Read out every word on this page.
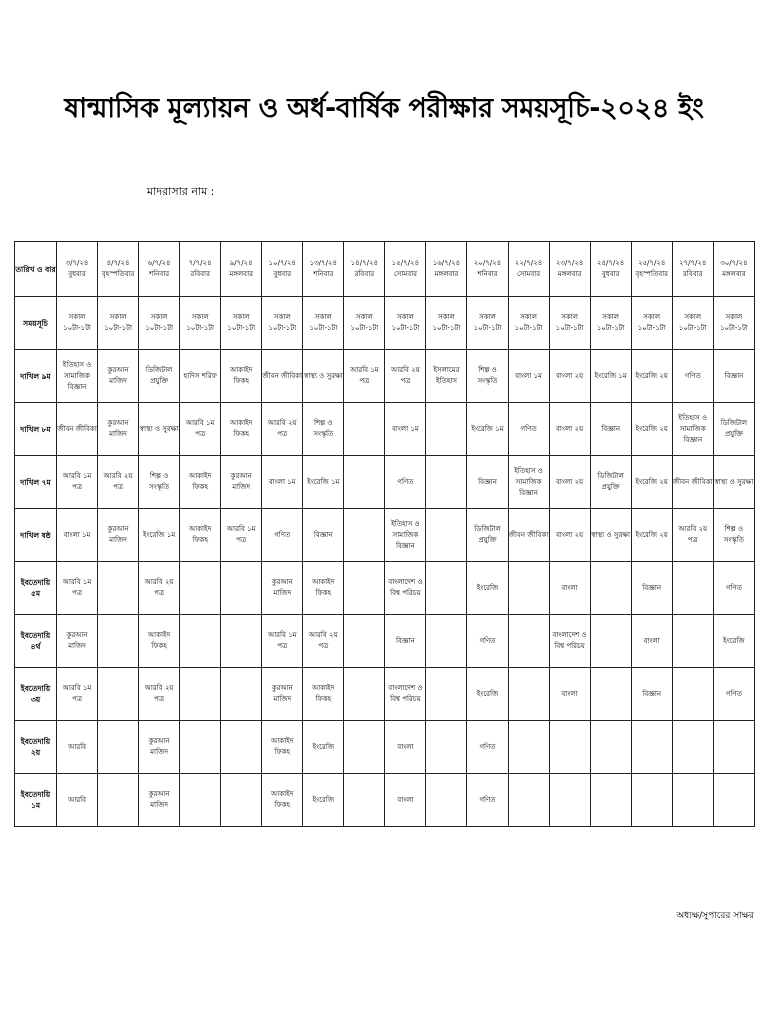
ষান্মাসিক মূল্যায়ন ও অর্ধ-বার্ষিক পরীক্ষার সময়সূচি-২০২৪ ইং
মাদরাসার নাম :
তারিখ ও বার	৩/৭/২৪ বুধবার	৪/৭/২৪ বৃহস্পতিবার	৬/৭/২৪ শনিবার	৭/৭/২৪ রবিবার	৯/৭/২৪ মঙ্গলবার	১০/৭/২৪ বুধবার	১৩/৭/২৪ শনিবার	১৪/৭/২৪ রবিবার	১৫/৭/২৪ সোমবার	১৬/৭/২৪ মঙ্গলবার	২০/৭/২৪ শনিবার	২২/৭/২৪ সোমবার	২৩/৭/২৪ মঙ্গলবার	২৪/৭/২৪ বুধবার	২৫/৭/২৪ বৃহস্পতিবার	২৭/৭/২৪ রবিবার	৩০/৭/২৪ মঙ্গলবার
সময়সূচি	সকাল ১০টা-১টা	সকাল ১০টা-১টা	সকাল ১০টা-১টা	সকাল ১০টা-১টা	সকাল ১০টা-১টা	সকাল ১০টা-১টা	সকাল ১০টা-১টা	সকাল ১০টা-১টা	সকাল ১০টা-১টা	সকাল ১০টা-১টা	সকাল ১০টা-১টা	সকাল ১০টা-১টা	সকাল ১০টা-১টা	সকাল ১০টা-১টা	সকাল ১০টা-১টা	সকাল ১০টা-১টা	সকাল ১০টা-১টা
দাখিল ৯ম	ইতিহাস ও সামাজিক বিজ্ঞান	কুরআন মাজিদ	ডিজিটাল প্রযুক্তি	হাদিস শরিফ	আকাইদ ফিকহ	জীবন জীবিকা	স্বাস্থ্য ও সুরক্ষা	আরবি ১ম পত্র	আরবি ২য় পত্র	ইসলামের ইতিহাস	শিল্প ও সংস্কৃতি	বাংলা ১ম	বাংলা ২য়	ইংরেজি ১ম	ইংরেজি ২য়	গণিত	বিজ্ঞান
দাখিল ৮ম	জীবন জীবিকা	কুরআন মাজিদ	স্বাস্থ্য ও সুরক্ষা	আরবি ১ম পত্র	আকাইদ ফিকহ	আরবি ২য় পত্র	শিল্প ও সংস্কৃতি		বাংলা ১ম		ইংরেজি ১ম	গণিত	বাংলা ২য়	বিজ্ঞান	ইংরেজি ২য়	ইতিহাস ও সামাজিক বিজ্ঞান	ডিজিটাল প্রযুক্তি
দাখিল ৭ম	আরবি ১ম পত্র	আরবি ২য় পত্র	শিল্প ও সংস্কৃতি	আকাইদ ফিকহ	কুরআন মাজিদ	বাংলা ১ম	ইংরেজি ১ম		গণিত		বিজ্ঞান	ইতিহাস ও সামাজিক বিজ্ঞান	বাংলা ২য়	ডিজিটাল প্রযুক্তি	ইংরেজি ২য়	জীবন জীবিকা	স্বাস্থ্য ও সুরক্ষা
দাখিল ষষ্ঠ	বাংলা ১ম	কুরআন মাজিদ	ইংরেজি ১ম	আকাইদ ফিকহ	আরবি ১ম পত্র	গণিত	বিজ্ঞান		ইতিহাস ও সামাজিক বিজ্ঞান		ডিজিটাল প্রযুক্তি	জীবন জীবিকা	বাংলা ২য়	স্বাস্থ্য ও সুরক্ষা	ইংরেজি ২য়	আরবি ২য় পত্র	শিল্প ও সংস্কৃতি
ইবতেদায়ি ৫ম	আরবি ১ম পত্র		আরবি ২য় পত্র			কুরআন মাজিদ	আকাইদ ফিকহ		বাংলাদেশ ও বিশ্ব পরিচয়		ইংরেজি		বাংলা		বিজ্ঞান		গণিত
ইবতেদায়ি ৪র্থ	কুরআন মাজিদ		আকাইদ ফিকহ			আরবি ১ম পত্র	আরবি ২য় পত্র		বিজ্ঞান		গণিত		বাংলাদেশ ও বিশ্ব পরিচয়		বাংলা		ইংরেজি
ইবতেদায়ি ৩য়	আরবি ১ম পত্র		আরবি ২য় পত্র			কুরআন মাজিদ	আকাইদ ফিকহ		বাংলাদেশ ও বিশ্ব পরিচয়		ইংরেজি		বাংলা		বিজ্ঞান		গণিত
ইবতেদায়ি ২য়	আরবি		কুরআন মাজিদ			আকাইদ ফিকহ	ইংরেজি		বাংলা		গণিত						
ইবতেদায়ি ১ম	আরবি		কুরআন মাজিদ			আকাইদ ফিকহ	ইংরেজি		বাংলা		গণিত						
অধ্যক্ষ/সুপারের সাক্ষর
